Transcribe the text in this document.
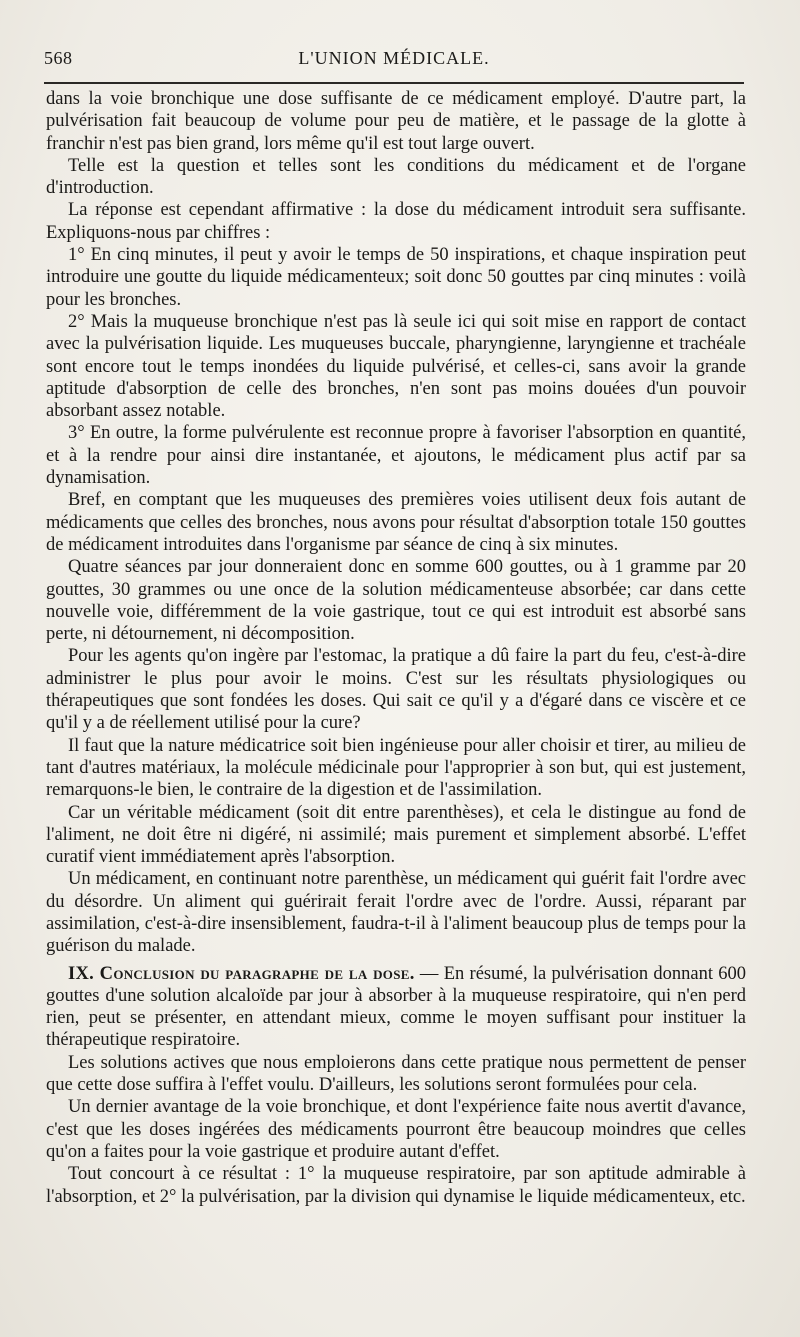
568	L'UNION MÉDICALE.

dans la voie bronchique une dose suffisante de ce médicament employé. D'autre part, la pulvérisation fait beaucoup de volume pour peu de matière, et le passage de la glotte à franchir n'est pas bien grand, lors même qu'il est tout large ouvert.

Telle est la question et telles sont les conditions du médicament et de l'organe d'introduction.

La réponse est cependant affirmative : la dose du médicament introduit sera suffisante. Expliquons-nous par chiffres :

1° En cinq minutes, il peut y avoir le temps de 50 inspirations, et chaque inspiration peut introduire une goutte du liquide médicamenteux; soit donc 50 gouttes par cinq minutes : voilà pour les bronches.

2° Mais la muqueuse bronchique n'est pas là seule ici qui soit mise en rapport de contact avec la pulvérisation liquide. Les muqueuses buccale, pharyngienne, laryngienne et trachéale sont encore tout le temps inondées du liquide pulvérisé, et celles-ci, sans avoir la grande aptitude d'absorption de celle des bronches, n'en sont pas moins douées d'un pouvoir absorbant assez notable.

3° En outre, la forme pulvérulente est reconnue propre à favoriser l'absorption en quantité, et à la rendre pour ainsi dire instantanée, et ajoutons, le médicament plus actif par sa dynamisation.

Bref, en comptant que les muqueuses des premières voies utilisent deux fois autant de médicaments que celles des bronches, nous avons pour résultat d'absorption totale 150 gouttes de médicament introduites dans l'organisme par séance de cinq à six minutes.

Quatre séances par jour donneraient donc en somme 600 gouttes, ou à 1 gramme par 20 gouttes, 30 grammes ou une once de la solution médicamenteuse absorbée; car dans cette nouvelle voie, différemment de la voie gastrique, tout ce qui est introduit est absorbé sans perte, ni détournement, ni décomposition.

Pour les agents qu'on ingère par l'estomac, la pratique a dû faire la part du feu, c'est-à-dire administrer le plus pour avoir le moins. C'est sur les résultats physiologiques ou thérapeutiques que sont fondées les doses. Qui sait ce qu'il y a d'égaré dans ce viscère et ce qu'il y a de réellement utilisé pour la cure?

Il faut que la nature médicatrice soit bien ingénieuse pour aller choisir et tirer, au milieu de tant d'autres matériaux, la molécule médicinale pour l'approprier à son but, qui est justement, remarquons-le bien, le contraire de la digestion et de l'assimilation.

Car un véritable médicament (soit dit entre parenthèses), et cela le distingue au fond de l'aliment, ne doit être ni digéré, ni assimilé; mais purement et simplement absorbé. L'effet curatif vient immédiatement après l'absorption.

Un médicament, en continuant notre parenthèse, un médicament qui guérit fait l'ordre avec du désordre. Un aliment qui guérirait ferait l'ordre avec de l'ordre. Aussi, réparant par assimilation, c'est-à-dire insensiblement, faudra-t-il à l'aliment beaucoup plus de temps pour la guérison du malade.

IX. Conclusion du paragraphe de la dose. — En résumé, la pulvérisation donnant 600 gouttes d'une solution alcaloïde par jour à absorber à la muqueuse respiratoire, qui n'en perd rien, peut se présenter, en attendant mieux, comme le moyen suffisant pour instituer la thérapeutique respiratoire.

Les solutions actives que nous emploierons dans cette pratique nous permettent de penser que cette dose suffira à l'effet voulu. D'ailleurs, les solutions seront formulées pour cela.

Un dernier avantage de la voie bronchique, et dont l'expérience faite nous avertit d'avance, c'est que les doses ingérées des médicaments pourront être beaucoup moindres que celles qu'on a faites pour la voie gastrique et produire autant d'effet.

Tout concourt à ce résultat : 1° la muqueuse respiratoire, par son aptitude admirable à l'absorption, et 2° la pulvérisation, par la division qui dynamise le liquide médicamenteux, etc.
